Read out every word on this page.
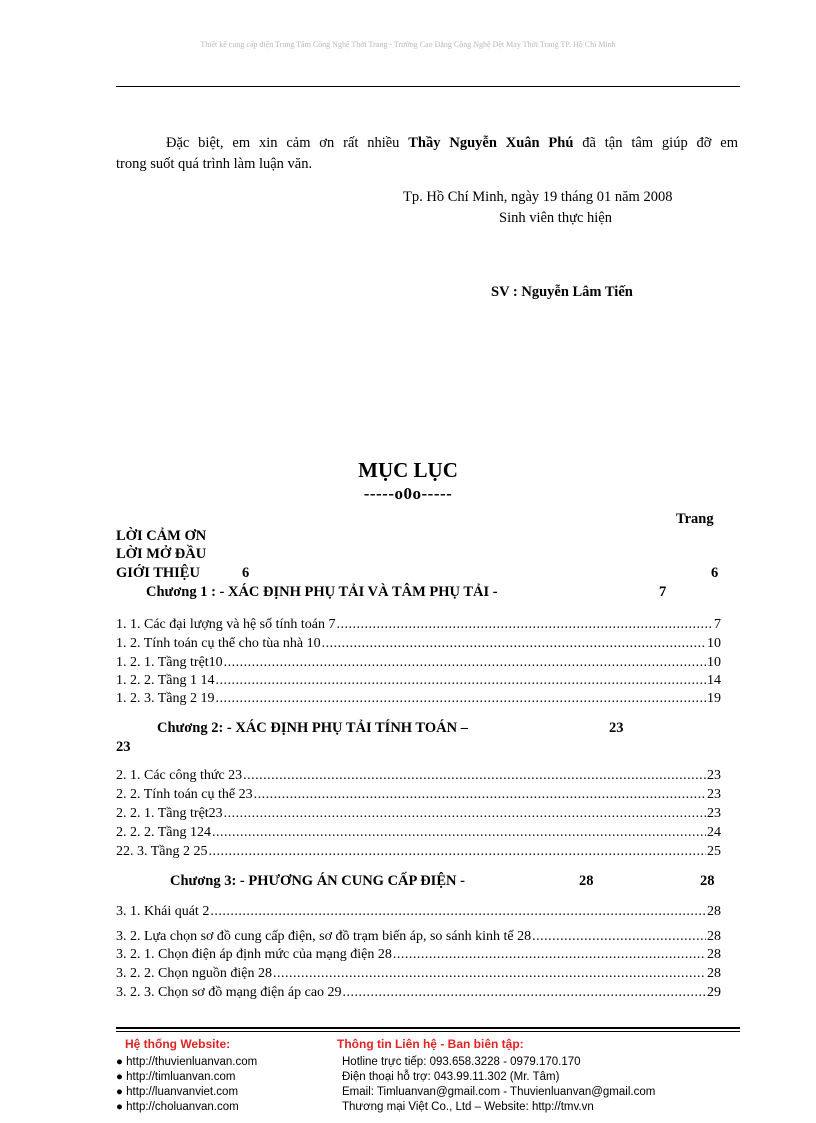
Thiết kế cung cấp điện Trung Tâm Công Nghệ Thời Trang - Trường Cao Đẳng Công Nghệ Dệt May Thời Trang TP. Hồ Chí Minh
Đặc biệt, em xin cảm ơn rất nhiều Thầy Nguyễn Xuân Phú đã tận tâm giúp đỡ em
trong suốt quá trình làm luận văn.
Tp. Hồ Chí Minh, ngày 19 tháng 01 năm 2008
Sinh viên thực hiện
SV : Nguyễn Lâm Tiến
MỤC LỤC
-----o0o-----
Trang
LỜI CẢM ƠN
LỜI MỞ ĐẦU
GIỚI THIỆU	6	6
Chương 1 : - XÁC ĐỊNH PHỤ TẢI VÀ TÂM PHỤ TẢI -	7
1. 1. Các đại lượng và hệ số tính toán 7 .....	7
1. 2. Tính toán cụ thể cho tùa nhà 10 .....	10
1. 2. 1. Tầng trệt10 .....	10
1. 2. 2. Tầng 1 14 .....	14
1. 2. 3. Tầng 2 19 .....	19
Chương 2: - XÁC ĐỊNH PHỤ TẢI TÍNH TOÁN –	23
23
2. 1. Các công thức 23 .....	23
2. 2. Tính toán cụ thể 23 .....	23
2. 2. 1. Tầng trệt23 .....	23
2. 2. 2. Tầng 124 .....	24
22. 3. Tầng 2 25 .....	25
Chương 3: - PHƯƠNG ÁN CUNG CẤP ĐIỆN -	28	28
3. 1. Khái quát 2 .....	28
3. 2. Lựa chọn sơ đồ cung cấp điện, sơ đồ trạm biến áp, so sánh kinh tế 28 .....	28
3. 2. 1. Chọn điện áp định mức của mạng điện 28 .....	28
3. 2. 2. Chọn nguồn điện 28 .....	28
3. 2. 3. Chọn sơ đồ mạng điện áp cao 29 .....	29
Hệ thống Website:
● http://thuvienluanvan.com
● http://timluanvan.com
● http://luanvanviet.com
● http://choluanvan.com
Thông tin Liên hệ - Ban biên tập:
Hotline trực tiếp: 093.658.3228 - 0979.170.170
Điện thoại hỗ trợ: 043.99.11.302 (Mr. Tâm)
Email: Timluanvan@gmail.com - Thuvienluanvan@gmail.com
Thương mại Việt Co., Ltd – Website: http://tmv.vn
